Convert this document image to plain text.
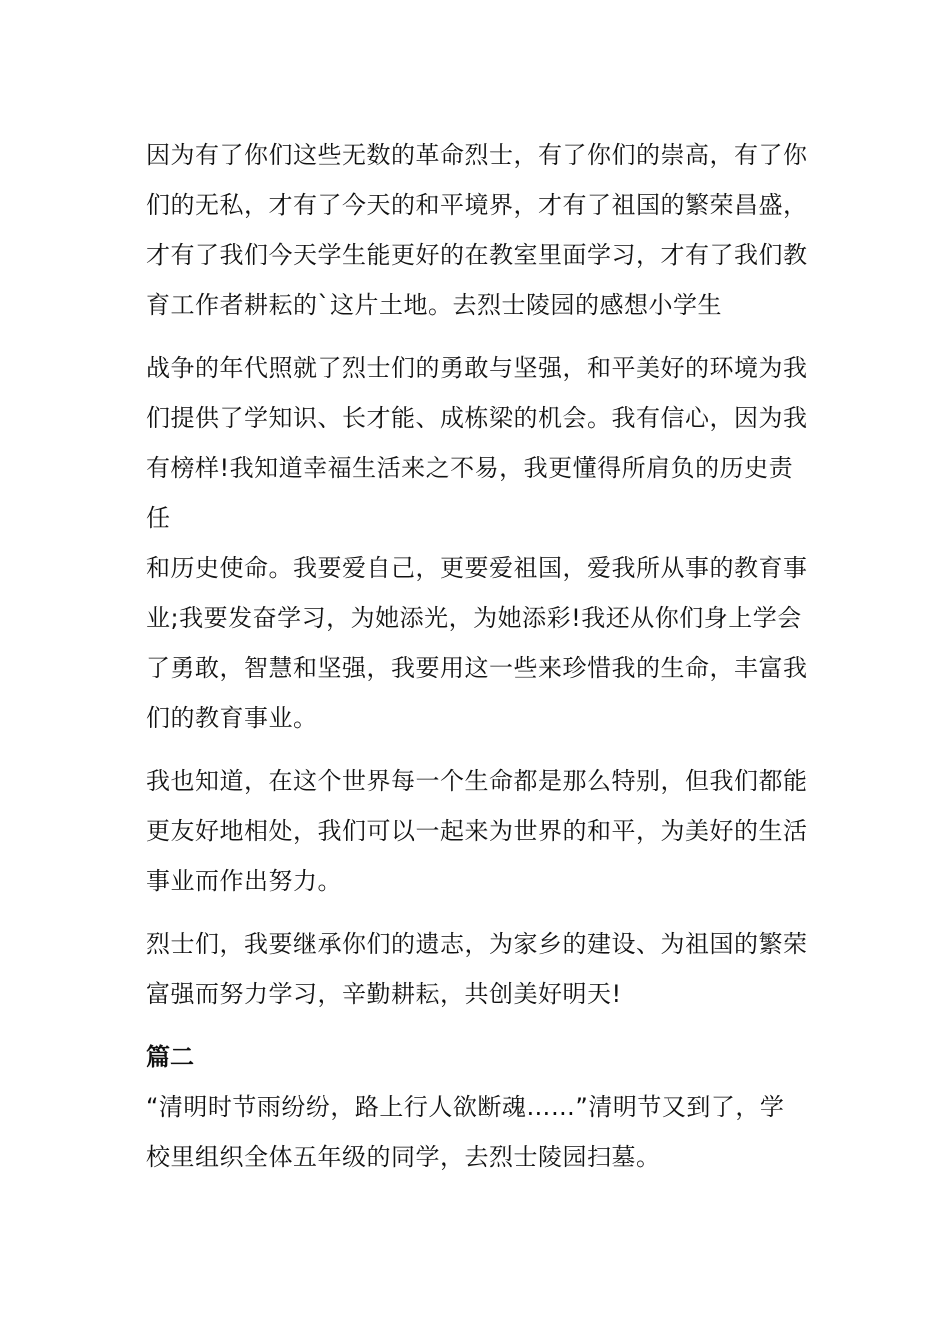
因为有了你们这些无数的革命烈士，有了你们的崇高，有了你
们的无私，才有了今天的和平境界，才有了祖国的繁荣昌盛，
才有了我们今天学生能更好的在教室里面学习，才有了我们教
育工作者耕耘的`这片土地。去烈士陵园的感想小学生
战争的年代照就了烈士们的勇敢与坚强，和平美好的环境为我
们提供了学知识、长才能、成栋梁的机会。我有信心，因为我
有榜样!我知道幸福生活来之不易，我更懂得所肩负的历史责任
和历史使命。我要爱自己，更要爱祖国，爱我所从事的教育事
业;我要发奋学习，为她添光，为她添彩!我还从你们身上学会
了勇敢，智慧和坚强，我要用这一些来珍惜我的生命，丰富我
们的教育事业。
我也知道，在这个世界每一个生命都是那么特别，但我们都能
更友好地相处，我们可以一起来为世界的和平，为美好的生活
事业而作出努力。
烈士们，我要继承你们的遗志，为家乡的建设、为祖国的繁荣
富强而努力学习，辛勤耕耘，共创美好明天!
篇二
“清明时节雨纷纷，路上行人欲断魂……”清明节又到了，学
校里组织全体五年级的同学，去烈士陵园扫墓。
